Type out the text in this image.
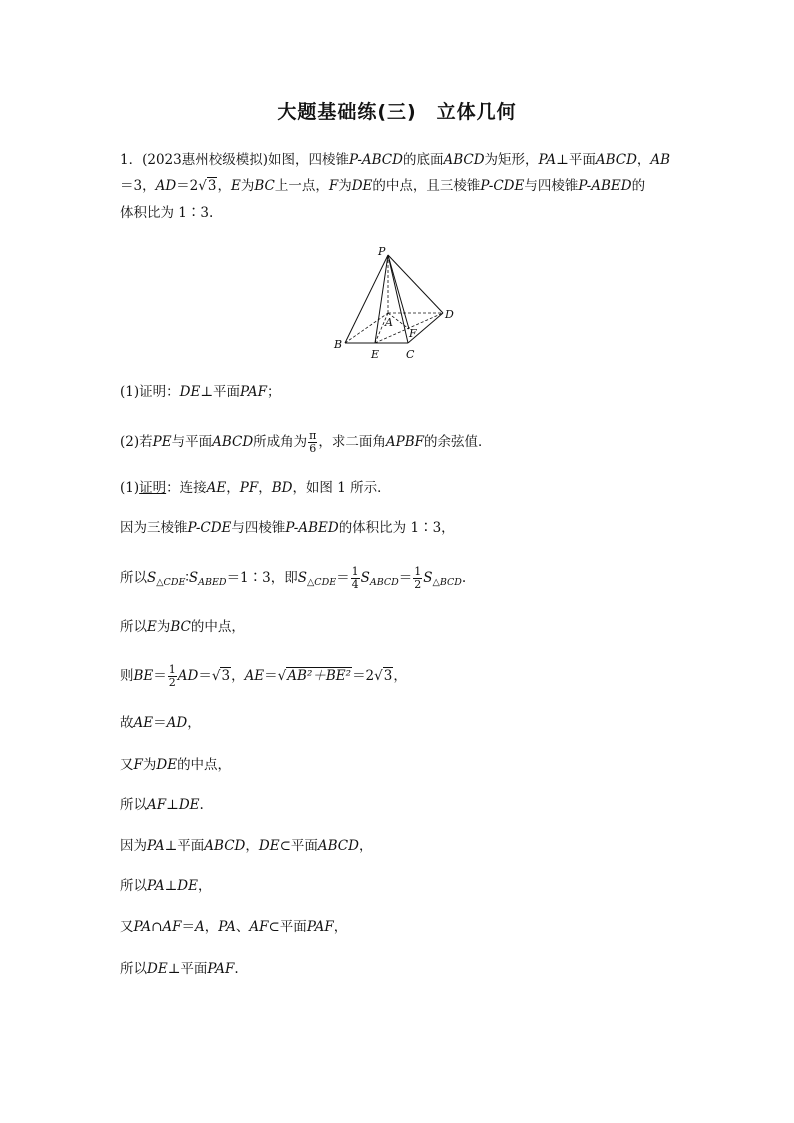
大题基础练(三)　立体几何
1．(2023惠州校级模拟)如图，四棱锥P-ABCD的底面ABCD为矩形，PA⊥平面ABCD，AB
＝3，AD＝2√3，E为BC上一点，F为DE的中点，且三棱锥P-CDE与四棱锥P-ABED的
体积比为 1∶3.
P
A
D
F
B
E C
(1)证明：DE⊥平面PAF；
(2)若PE与平面ABCD所成角为 $\frac{\pi}{6}$ ，求二面角APBF的余弦值．
(1)证明：连接AE，PF，BD，如图 1 所示．
因为三棱锥P-CDE与四棱锥P-ABED的体积比为 1∶3，
所以$S_{\triangle CDE}∶S_{ABED}=1∶3$，即$S_{\triangle CDE}= \frac{1}{4} S_{ABCD}= \frac{1}{2} S_{\triangle BCD}$.
所以E为BC的中点，
则$BE= \frac{1}{2} AD=√3$，AE＝√AB²＋BE²＝2√3，
故AE＝AD，
又F为DE的中点，
所以AF⊥DE.
因为PA⊥平面ABCD，DE⊂平面ABCD，
所以PA⊥DE，
又PA∩AF＝A，PA、AF⊂平面PAF，
所以DE⊥平面PAF.
